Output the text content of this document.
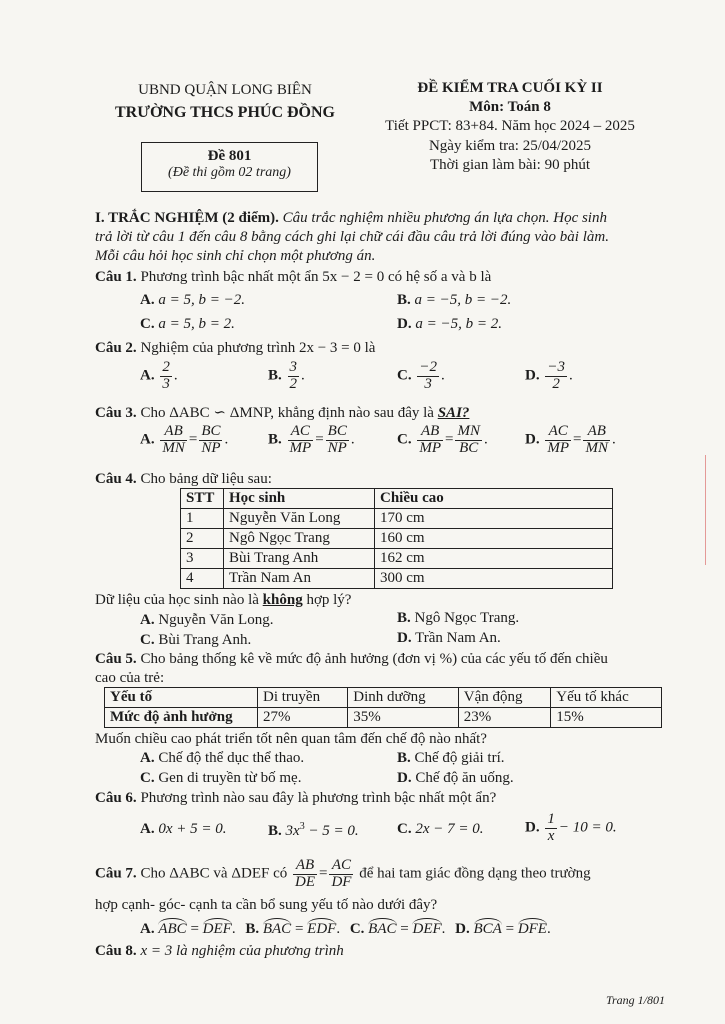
UBND QUẬN LONG BIÊN
TRƯỜNG THCS PHÚC ĐỒNG
ĐỀ KIỂM TRA CUỐI KỲ II
Môn: Toán 8
Tiết PPCT: 83+84. Năm học 2024 – 2025
Ngày kiểm tra: 25/04/2025
Thời gian làm bài: 90 phút
Đề 801
(Đề thi gồm 02 trang)
I. TRẮC NGHIỆM (2 điểm). Câu trắc nghiệm nhiều phương án lựa chọn. Học sinh
trả lời từ câu 1 đến câu 8 bằng cách ghi lại chữ cái đầu câu trả lời đúng vào bài làm.
Mỗi câu hỏi học sinh chỉ chọn một phương án.
Câu 1. Phương trình bậc nhất một ẩn 5x − 2 = 0 có hệ số a và b là
A. a = 5, b = −2.	B. a = −5, b = −2.
C. a = 5, b = 2.	D. a = −5, b = 2.
Câu 2. Nghiệm của phương trình 2x − 3 = 0 là
A. $\frac{2}{3}$ .	B. $\frac{3}{2}$ .	C. $\frac{-2}{3}$ .	D. $\frac{-3}{2}$ .
Câu 3. Cho ΔABC ∽ ΔMNP, khẳng định nào sau đây là SAI?
A. $\frac{AB}{MN} = \frac{BC}{NP}$ .	B. $\frac{AC}{MP} = \frac{BC}{NP}$ .	C. $\frac{AB}{MP} = \frac{MN}{BC}$ . D. $\frac{AC}{MP} = \frac{AB}{MN}$ .
Câu 4. Cho bảng dữ liệu sau:
STT	Học sinh	Chiều cao
1	Nguyễn Văn Long	170 cm
2	Ngô Ngọc Trang	160 cm
3	Bùi Trang Anh	162 cm
4	Trần Nam An	300 cm
Dữ liệu của học sinh nào là không hợp lý?
A. Nguyễn Văn Long.	B. Ngô Ngọc Trang.
C. Bùi Trang Anh.	D. Trần Nam An.
Câu 5. Cho bảng thống kê về mức độ ảnh hưởng (đơn vị %) của các yếu tố đến chiều
cao của trẻ:
Yếu tố	Di truyền	Dinh dưỡng	Vận động	Yếu tố khác
Mức độ ảnh hưởng	27%	35%	23%	15%
Muốn chiều cao phát triển tốt nên quan tâm đến chế độ nào nhất?
A. Chế độ thể dục thể thao.	B. Chế độ giải trí.
C. Gen di truyền từ bố mẹ.	D. Chế độ ăn uống.
Câu 6. Phương trình nào sau đây là phương trình bậc nhất một ẩn?
A. 0x + 5 = 0.	B. $3x^3 - 5 = 0$.	C. 2x − 7 = 0.	D. $\frac{1}{x} - 10 = 0$.
Câu 7. Cho ΔABC và ΔDEF có $\frac{AB}{DE} = \frac{AC}{DF}$ để hai tam giác đồng dạng theo trường
hợp cạnh- góc- cạnh ta cần bổ sung yếu tố nào dưới đây?
A. ABC = DEF. B. BAC = EDF. C. BAC = DEF. D. BCA = DFE.
Câu 8. x = 3 là nghiệm của phương trình
Trang 1/801
